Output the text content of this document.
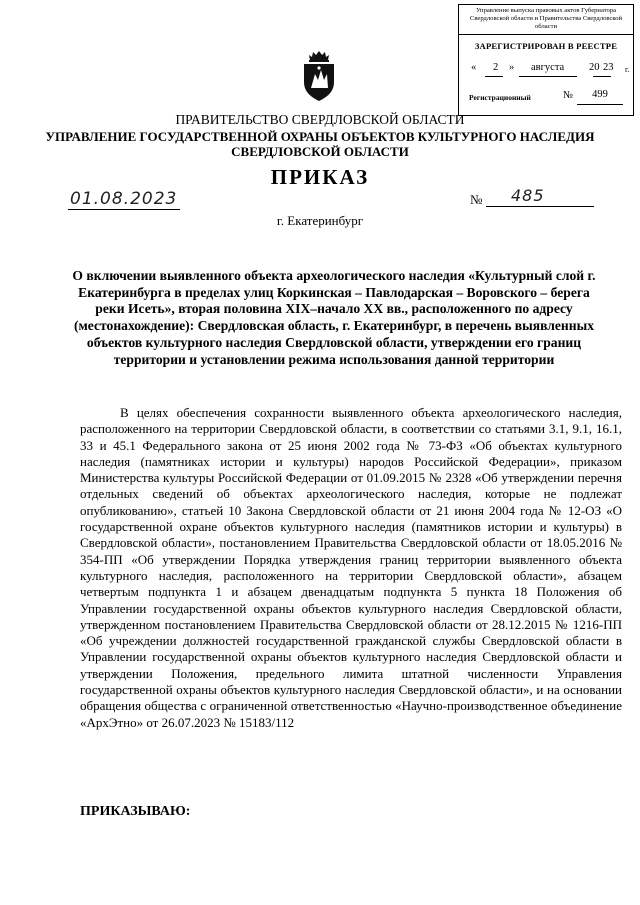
Управление выпуска правовых актов Губернатора Свердловской области и Правительства Свердловской области
ЗАРЕГИСТРИРОВАН В РЕЕСТРЕ
« 2 » августа 20 23 г.
Регистрационный	№	499
ПРАВИТЕЛЬСТВО СВЕРДЛОВСКОЙ ОБЛАСТИ
УПРАВЛЕНИЕ ГОСУДАРСТВЕННОЙ ОХРАНЫ ОБЪЕКТОВ КУЛЬТУРНОГО НАСЛЕДИЯ СВЕРДЛОВСКОЙ ОБЛАСТИ
ПРИКАЗ
01.08.2023	№ 485
г. Екатеринбург
О включении выявленного объекта археологического наследия «Культурный слой г. Екатеринбурга в пределах улиц Коркинская – Павлодарская – Воровского – берега реки Исеть», вторая половина XIX–начало XX вв., расположенного по адресу (местонахождение): Свердловская область, г. Екатеринбург, в перечень выявленных объектов культурного наследия Свердловской области, утверждении его границ территории и установлении режима использования данной территории

В целях обеспечения сохранности выявленного объекта археологического наследия, расположенного на территории Свердловской области, в соответствии со статьями 3.1, 9.1, 16.1, 33 и 45.1 Федерального закона от 25 июня 2002 года № 73-ФЗ «Об объектах культурного наследия (памятниках истории и культуры) народов Российской Федерации», приказом Министерства культуры Российской Федерации от 01.09.2015 № 2328 «Об утверждении перечня отдельных сведений об объектах археологического наследия, которые не подлежат опубликованию», статьей 10 Закона Свердловской области от 21 июня 2004 года № 12-ОЗ «О государственной охране объектов культурного наследия (памятников истории и культуры) в Свердловской области», постановлением Правительства Свердловской области от 18.05.2016 № 354-ПП «Об утверждении Порядка утверждения границ территории выявленного объекта культурного наследия, расположенного на территории Свердловской области», абзацем четвертым подпункта 1 и абзацем двенадцатым подпункта 5 пункта 18 Положения об Управлении государственной охраны объектов культурного наследия Свердловской области, утвержденном постановлением Правительства Свердловской области от 28.12.2015 № 1216-ПП «Об учреждении должностей государственной гражданской службы Свердловской области в Управлении государственной охраны объектов культурного наследия Свердловской области и утверждении Положения, предельного лимита штатной численности Управления государственной охраны объектов культурного наследия Свердловской области», и на основании обращения общества с ограниченной ответственностью «Научно-производственное объединение «АрхЭтно» от 26.07.2023 № 15183/112

ПРИКАЗЫВАЮ:
